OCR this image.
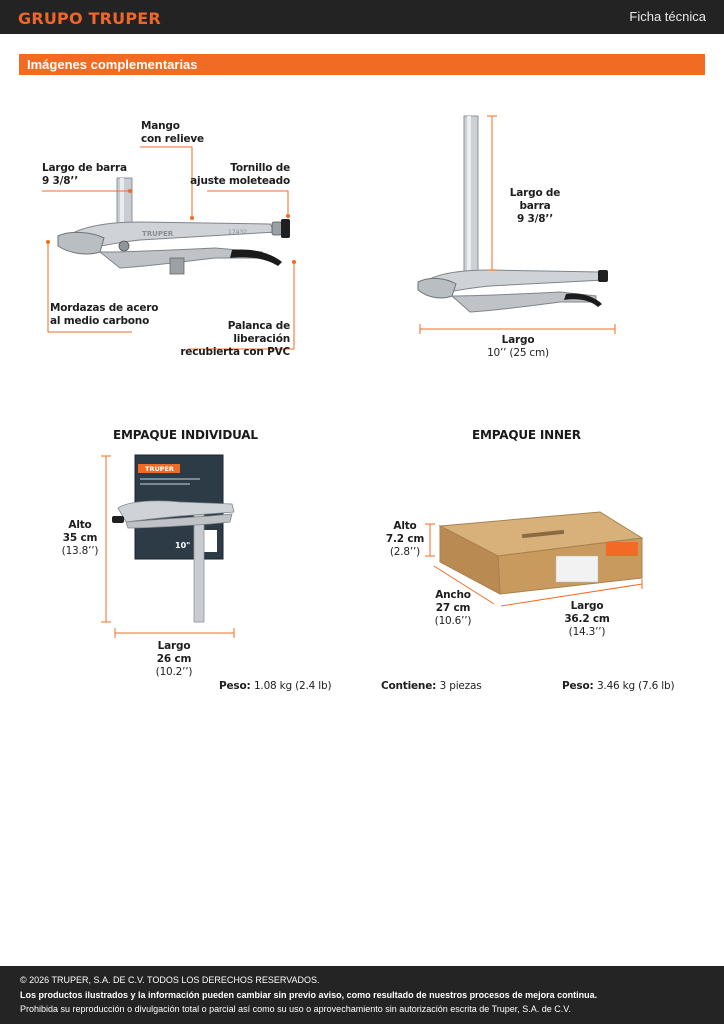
GRUPO TRUPER	Ficha técnica
Imágenes complementarias
TRUPER	17432
Mango
con relieve
Largo de barra
9 3/8’’
Tornillo de
ajuste moleteado
Mordazas de acero
al medio carbono	Palanca de liberación
recubierta con PVC
Largo de barra
9 3/8’’
Largo
10’’ (25 cm)
EMPAQUE INDIVIDUAL
TRUPER
10"
Alto
35 cm
(13.8’’)
Largo
26 cm
(10.2’’)
Peso: 1.08 kg (2.4 lb)
EMPAQUE INNER
Alto
7.2 cm
(2.8’’)
Ancho
27 cm
(10.6’’)
Largo
36.2 cm
(14.3’’)
Contiene: 3 piezas	Peso: 3.46 kg (7.6 lb)
© 2026 TRUPER, S.A. DE C.V. TODOS LOS DERECHOS RESERVADOS.
Los productos ilustrados y la información pueden cambiar sin previo aviso, como resultado de nuestros procesos de mejora continua.
Prohibida su reproducción o divulgación total o parcial así como su uso o aprovechamiento sin autorización escrita de Truper, S.A. de C.V.
